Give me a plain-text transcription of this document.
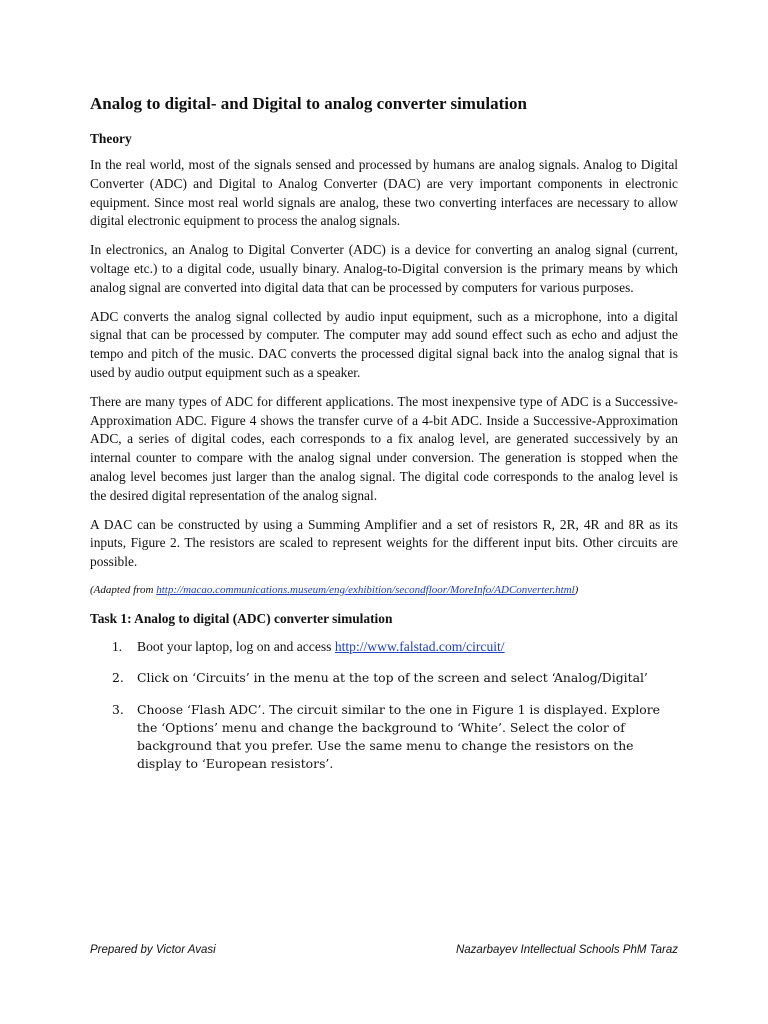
Analog to digital- and Digital to analog converter simulation
Theory

In the real world, most of the signals sensed and processed by humans are analog signals. Analog to Digital Converter (ADC) and Digital to Analog Converter (DAC) are very important components in electronic equipment. Since most real world signals are analog, these two converting interfaces are necessary to allow digital electronic equipment to process the analog signals.

In electronics, an Analog to Digital Converter (ADC) is a device for converting an analog signal (current, voltage etc.) to a digital code, usually binary. Analog-to-Digital conversion is the primary means by which analog signal are converted into digital data that can be processed by computers for various purposes.

ADC converts the analog signal collected by audio input equipment, such as a microphone, into a digital signal that can be processed by computer. The computer may add sound effect such as echo and adjust the tempo and pitch of the music. DAC converts the processed digital signal back into the analog signal that is used by audio output equipment such as a speaker.

There are many types of ADC for different applications. The most inexpensive type of ADC is a Successive-Approximation ADC. Figure 4 shows the transfer curve of a 4-bit ADC. Inside a Successive-Approximation ADC, a series of digital codes, each corresponds to a fix analog level, are generated successively by an internal counter to compare with the analog signal under conversion. The generation is stopped when the analog level becomes just larger than the analog signal. The digital code corresponds to the analog level is the desired digital representation of the analog signal.

A DAC can be constructed by using a Summing Amplifier and a set of resistors R, 2R, 4R and 8R as its inputs, Figure 2. The resistors are scaled to represent weights for the different input bits. Other circuits are possible.

(Adapted from http://macao.communications.museum/eng/exhibition/secondfloor/MoreInfo/ADConverter.html)

Task 1: Analog to digital (ADC) converter simulation
1. Boot your laptop, log on and access http://www.falstad.com/circuit/
2. Click on ‘Circuits’ in the menu at the top of the screen and select ‘Analog/Digital’
3. Choose ‘Flash ADC’. The circuit similar to the one in Figure 1 is displayed. Explore the ‘Options’ menu and change the background to ‘White’. Select the color of background that you prefer. Use the same menu to change the resistors on the display to ‘European resistors’.
Prepared by Victor Avasi	Nazarbayev Intellectual Schools PhM Taraz
